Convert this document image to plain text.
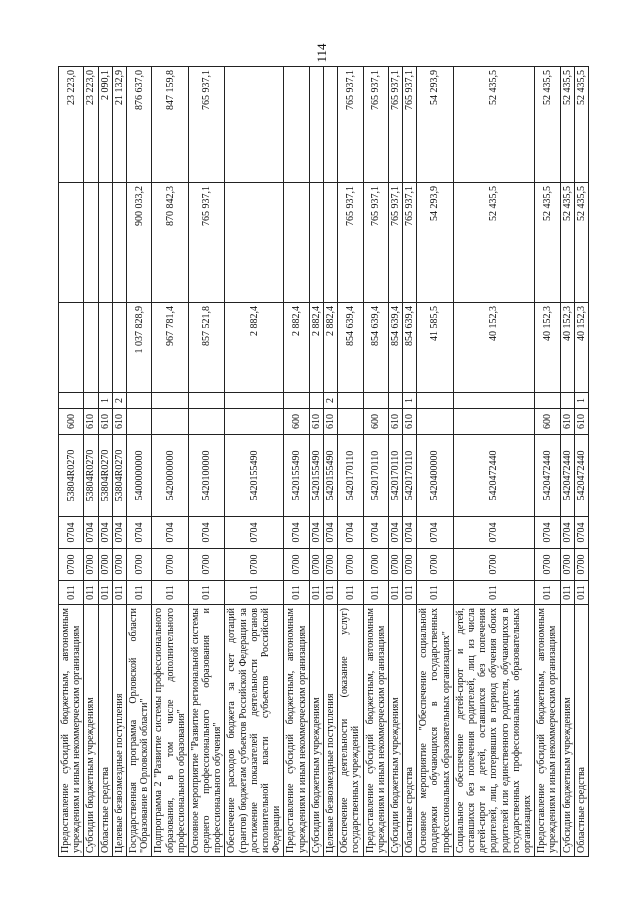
114
Предоставление субсидий бюджетным, автономным учреждениям и иным некоммерческим организациям	011	0700	0704	53804R0270	600				23 223,0
Субсидии бюджетным учреждениям	011	0700	0704	53804R0270	610				23 223,0
Областные средства	011	0700	0704	53804R0270	610	1			2 090,1
Целевые безвозмездные поступления	011	0700	0704	53804R0270	610	2			21 132,9
Государственная программа Орловской области "Образование в Орловской области"	011	0700	0704	5400000000			1 037 828,9	900 033,2	876 637,0
Подпрограмма 2 "Развитие системы профессионального образования, в том числе дополнительного профессионального образования"	011	0700	0704	5420000000			967 781,4	870 842,3	847 159,8
Основное мероприятие "Развитие региональной системы среднего профессионального образования и профессионального обучения"	011	0700	0704	5420100000			857 521,8	765 937,1	765 937,1
Обеспечение расходов бюджета за счет дотаций (грантов) бюджетам субъектов Российской Федерации за достижение показателей деятельности органов исполнительной власти субъектов Российской Федерации	011	0700	0704	5420155490			2 882,4		
Предоставление субсидий бюджетным, автономным учреждениям и иным некоммерческим организациям	011	0700	0704	5420155490	600		2 882,4		
Субсидии бюджетным учреждениям	011	0700	0704	5420155490	610		2 882,4		
Целевые безвозмездные поступления	011	0700	0704	5420155490	610	2	2 882,4		
Обеспечение деятельности (оказание услуг) государственных учреждений	011	0700	0704	5420170110			854 639,4	765 937,1	765 937,1
Предоставление субсидий бюджетным, автономным учреждениям и иным некоммерческим организациям	011	0700	0704	5420170110	600		854 639,4	765 937,1	765 937,1
Субсидии бюджетным учреждениям	011	0700	0704	5420170110	610		854 639,4	765 937,1	765 937,1
Областные средства	011	0700	0704	5420170110	610	1	854 639,4	765 937,1	765 937,1
Основное мероприятие "Обеспечение социальной поддержки обучающихся в государственных профессиональных образовательных организациях"	011	0700	0704	5420400000			41 585,5	54 293,9	54 293,9
Социальное обеспечение детей-сирот и детей, оставшихся без попечения родителей, лиц из числа детей-сирот и детей, оставшихся без попечения родителей, лиц, потерявших в период обучения обоих родителей или единственного родителя, обучающихся в государственных профессиональных образовательных организациях	011	0700	0704	5420472440			40 152,3	52 435,5	52 435,5
Предоставление субсидий бюджетным, автономным учреждениям и иным некоммерческим организациям	011	0700	0704	5420472440	600		40 152,3	52 435,5	52 435,5
Субсидии бюджетным учреждениям	011	0700	0704	5420472440	610		40 152,3	52 435,5	52 435,5
Областные средства	011	0700	0704	5420472440	610	1	40 152,3	52 435,5	52 435,5
